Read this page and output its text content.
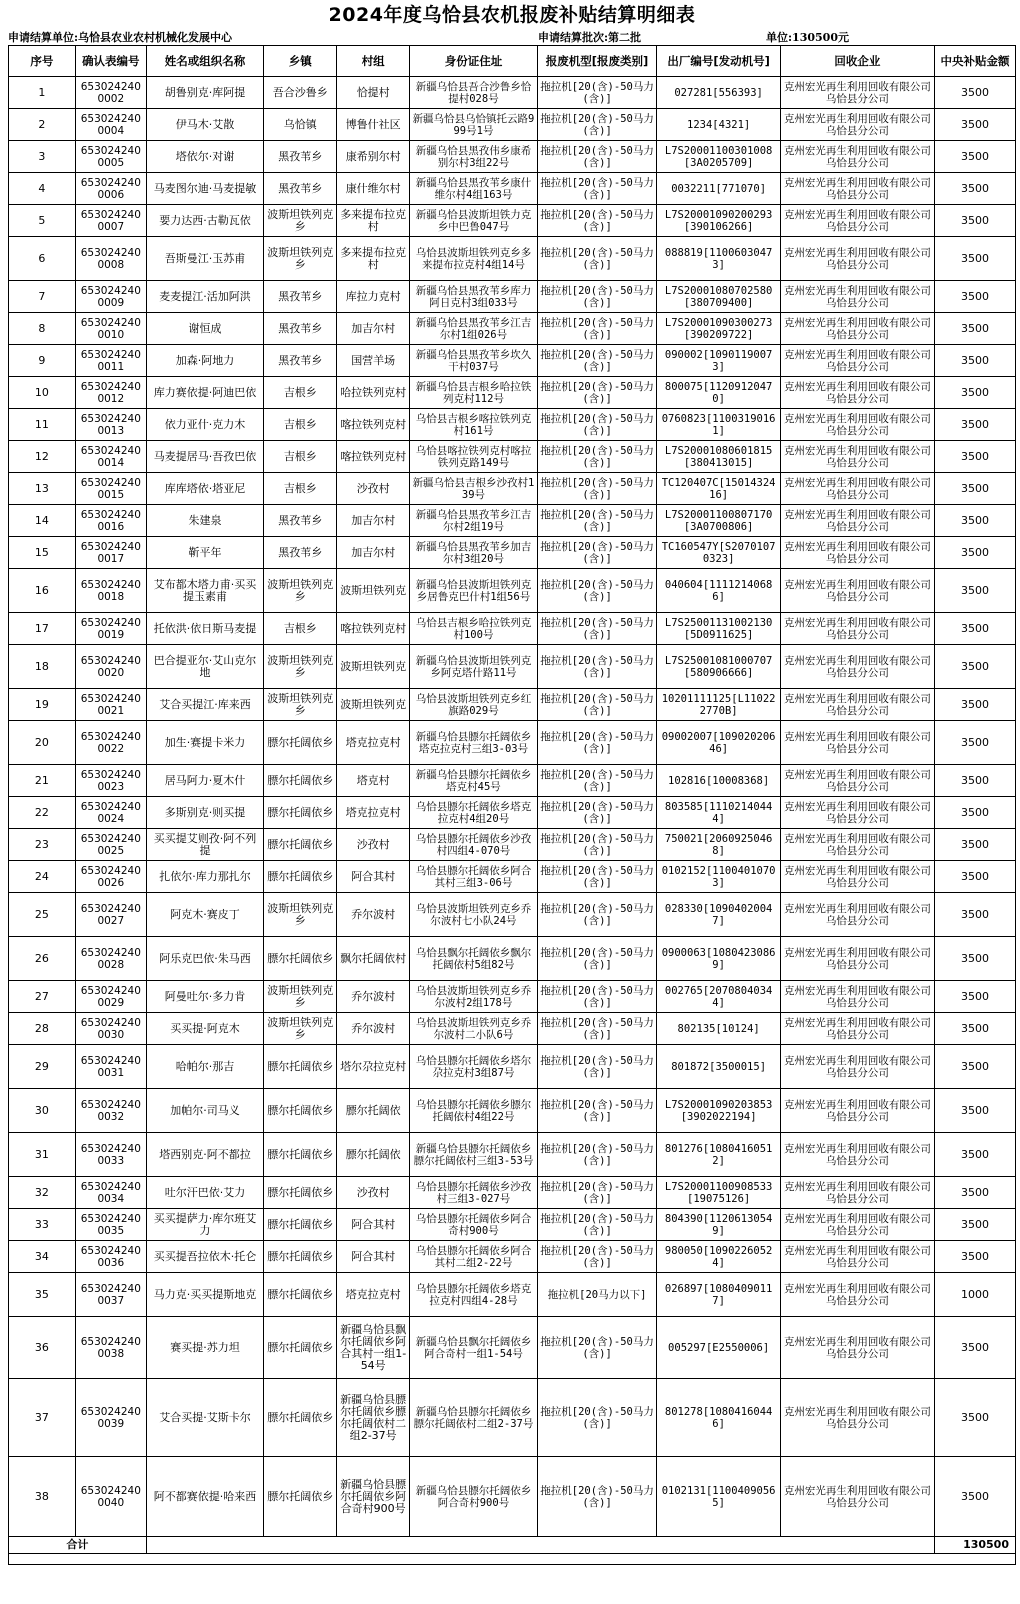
2024年度乌恰县农机报废补贴结算明细表
申请结算单位:乌恰县农业农村机械化发展中心	申请结算批次:第二批	单位:130500元
序号	确认表编号	姓名或组织名称	乡镇	村组	身份证住址	报废机型[报废类别]	出厂编号[发动机号]	回收企业	中央补贴金额
1	6530242400002	胡鲁别克·库阿提	吾合沙鲁乡	恰提村	新疆乌恰县吾合沙鲁乡恰提村028号	拖拉机[20(含)-50马力(含)]	027281[556393]	克州宏光再生利用回收有限公司乌恰县分公司	3500
2	6530242400004	伊马木·艾散	乌恰镇	博鲁什社区	新疆乌恰县乌恰镇托云路999号1号	拖拉机[20(含)-50马力(含)]	1234[4321]	克州宏光再生利用回收有限公司乌恰县分公司	3500
3	6530242400005	塔依尔·对谢	黑孜苇乡	康希别尔村	新疆乌恰县黑孜伟乡康希别尔村3组22号	拖拉机[20(含)-50马力(含)]	L7S20001100301008[3A0205709]	克州宏光再生利用回收有限公司乌恰县分公司	3500
4	6530242400006	马麦图尔迪·马麦提敏	黑孜苇乡	康什维尔村	新疆乌恰县黑孜苇乡康什维尔村4组163号	拖拉机[20(含)-50马力(含)]	0032211[771070]	克州宏光再生利用回收有限公司乌恰县分公司	3500
5	6530242400007	要力达西·古勒瓦依	波斯坦铁列克乡	多来提布拉克村	新疆乌恰县波斯坦铁力克乡中巴鲁047号	拖拉机[20(含)-50马力(含)]	L7S20001090200293[390106266]	克州宏光再生利用回收有限公司乌恰县分公司	3500
6	6530242400008	吾斯曼江·玉苏甫	波斯坦铁列克乡	多来提布拉克村	乌恰县波斯坦铁列克乡多来提布拉克村4组14号	拖拉机[20(含)-50马力(含)]	088819[11006030473]	克州宏光再生利用回收有限公司乌恰县分公司	3500
7	6530242400009	麦麦提江·活加阿洪	黑孜苇乡	库拉力克村	新疆乌恰县黑孜苇乡库力阿日克村3组033号	拖拉机[20(含)-50马力(含)]	L7S20001080702580[380709400]	克州宏光再生利用回收有限公司乌恰县分公司	3500
8	6530242400010	谢恒成	黑孜苇乡	加吉尔村	新疆乌恰县黑孜苇乡江吉尔村1组026号	拖拉机[20(含)-50马力(含)]	L7S20001090300273[390209722]	克州宏光再生利用回收有限公司乌恰县分公司	3500
9	6530242400011	加森·阿地力	黑孜苇乡	国营羊场	新疆乌恰县黑孜苇乡坎久干村037号	拖拉机[20(含)-50马力(含)]	090002[10901190073]	克州宏光再生利用回收有限公司乌恰县分公司	3500
10	6530242400012	库力赛依提·阿迪巴依	吉根乡	哈拉铁列克村	新疆乌恰县吉根乡哈拉铁列克村112号	拖拉机[20(含)-50马力(含)]	800075[11209120470]	克州宏光再生利用回收有限公司乌恰县分公司	3500
11	6530242400013	依力亚什·克力木	吉根乡	喀拉铁列克村	乌恰县吉根乡喀拉铁列克村161号	拖拉机[20(含)-50马力(含)]	0760823[11003190161]	克州宏光再生利用回收有限公司乌恰县分公司	3500
12	6530242400014	马麦提居马·吾孜巴依	吉根乡	喀拉铁列克村	乌恰县喀拉铁列克村喀拉铁列克路149号	拖拉机[20(含)-50马力(含)]	L7S20001080601815[380413015]	克州宏光再生利用回收有限公司乌恰县分公司	3500
13	6530242400015	库库塔依·塔亚尼	吉根乡	沙孜村	新疆乌恰县吉根乡沙孜村139号	拖拉机[20(含)-50马力(含)]	TC120407C[1501432416]	克州宏光再生利用回收有限公司乌恰县分公司	3500
14	6530242400016	朱建泉	黑孜苇乡	加吉尔村	新疆乌恰县黑孜苇乡江吉尔村2组19号	拖拉机[20(含)-50马力(含)]	L7S20001100807170[3A0700806]	克州宏光再生利用回收有限公司乌恰县分公司	3500
15	6530242400017	靳平年	黑孜苇乡	加吉尔村	新疆乌恰县黑孜苇乡加吉尔村3组20号	拖拉机[20(含)-50马力(含)]	TC160547Y[S20701070323]	克州宏光再生利用回收有限公司乌恰县分公司	3500
16	6530242400018	艾布都木塔力甫·买买提玉素甫	波斯坦铁列克乡	波斯坦铁列克	新疆乌恰县波斯坦铁列克乡居鲁克巴什村1组56号	拖拉机[20(含)-50马力(含)]	040604[11112140686]	克州宏光再生利用回收有限公司乌恰县分公司	3500
17	6530242400019	托依洪·依日斯马麦提	吉根乡	喀拉铁列克村	乌恰县吉根乡哈拉铁列克村100号	拖拉机[20(含)-50马力(含)]	L7S25001131002130[5D0911625]	克州宏光再生利用回收有限公司乌恰县分公司	3500
18	6530242400020	巴合提亚尔·艾山克尔地	波斯坦铁列克乡	波斯坦铁列克	新疆乌恰县波斯坦铁列克乡阿克塔什路11号	拖拉机[20(含)-50马力(含)]	L7S25001081000707[580906666]	克州宏光再生利用回收有限公司乌恰县分公司	3500
19	6530242400021	艾合买提江·库来西	波斯坦铁列克乡	波斯坦铁列克	乌恰县波斯坦铁列克乡红旗路029号	拖拉机[20(含)-50马力(含)]	10201111125[L110222770B]	克州宏光再生利用回收有限公司乌恰县分公司	3500
20	6530242400022	加生·赛提卡米力	膘尔托阔依乡	塔克拉克村	新疆乌恰县膘尔托阔依乡塔克拉克村三组3-03号	拖拉机[20(含)-50马力(含)]	09002007[10902020646]	克州宏光再生利用回收有限公司乌恰县分公司	3500
21	6530242400023	居马阿力·夏木什	膘尔托阔依乡	塔克村	新疆乌恰县膘尔托阔依乡塔克村45号	拖拉机[20(含)-50马力(含)]	102816[10008368]	克州宏光再生利用回收有限公司乌恰县分公司	3500
22	6530242400024	多斯别克·则买提	膘尔托阔依乡	塔克拉克村	乌恰县膘尔托阔依乡塔克拉克村4组20号	拖拉机[20(含)-50马力(含)]	803585[11102140444]	克州宏光再生利用回收有限公司乌恰县分公司	3500
23	6530242400025	买买提艾则孜·阿不列提	膘尔托阔依乡	沙孜村	乌恰县膘尔托阔依乡沙孜村四组4-070号	拖拉机[20(含)-50马力(含)]	750021[20609250468]	克州宏光再生利用回收有限公司乌恰县分公司	3500
24	6530242400026	扎依尔·库力那扎尔	膘尔托阔依乡	阿合其村	乌恰县膘尔托阔依乡阿合其村三组3-06号	拖拉机[20(含)-50马力(含)]	0102152[11004010703]	克州宏光再生利用回收有限公司乌恰县分公司	3500
25	6530242400027	阿克木·赛皮丁	波斯坦铁列克乡	乔尔波村	乌恰县波斯坦铁列克乡乔尔波村七小队24号	拖拉机[20(含)-50马力(含)]	028330[10904020047]	克州宏光再生利用回收有限公司乌恰县分公司	3500
26	6530242400028	阿乐克巴依·朱马西	膘尔托阔依乡	飘尔托阔依村	乌恰县飘尔托阔依乡飘尔托阔依村5组82号	拖拉机[20(含)-50马力(含)]	0900063[10804230869]	克州宏光再生利用回收有限公司乌恰县分公司	3500
27	6530242400029	阿曼吐尔·多力肯	波斯坦铁列克乡	乔尔波村	乌恰县波斯坦铁列克乡乔尔波村2组178号	拖拉机[20(含)-50马力(含)]	002765[20708040344]	克州宏光再生利用回收有限公司乌恰县分公司	3500
28	6530242400030	买买提·阿克木	波斯坦铁列克乡	乔尔波村	乌恰县波斯坦铁列克乡乔尔波村二小队6号	拖拉机[20(含)-50马力(含)]	802135[10124]	克州宏光再生利用回收有限公司乌恰县分公司	3500
29	6530242400031	哈帕尔·那吉	膘尔托阔依乡	塔尔尕拉克村	乌恰县膘尔托阔依乡塔尔尕拉克村3组87号	拖拉机[20(含)-50马力(含)]	801872[3500015]	克州宏光再生利用回收有限公司乌恰县分公司	3500
30	6530242400032	加帕尔·司马义	膘尔托阔依乡	膘尔托阔依	乌恰县膘尔托阔依乡膘尔托阔依村4组22号	拖拉机[20(含)-50马力(含)]	L7S20001090203853[3902022194]	克州宏光再生利用回收有限公司乌恰县分公司	3500
31	6530242400033	塔西别克·阿不都拉	膘尔托阔依乡	膘尔托阔依	新疆乌恰县膘尔托阔依乡膘尔托阔依村三组3-53号	拖拉机[20(含)-50马力(含)]	801276[10804160512]	克州宏光再生利用回收有限公司乌恰县分公司	3500
32	6530242400034	吐尔汗巴依·艾力	膘尔托阔依乡	沙孜村	乌恰县膘尔托阔依乡沙孜村三组3-027号	拖拉机[20(含)-50马力(含)]	L7S20001100908533[19075126]	克州宏光再生利用回收有限公司乌恰县分公司	3500
33	6530242400035	买买提萨力·库尔班艾力	膘尔托阔依乡	阿合其村	乌恰县膘尔托阔依乡阿合奇村900号	拖拉机[20(含)-50马力(含)]	804390[11206130549]	克州宏光再生利用回收有限公司乌恰县分公司	3500
34	6530242400036	买买提吾拉依木·托仑	膘尔托阔依乡	阿合其村	乌恰县膘尔托阔依乡阿合其村二组2-22号	拖拉机[20(含)-50马力(含)]	980050[10902260524]	克州宏光再生利用回收有限公司乌恰县分公司	3500
35	6530242400037	马力克·买买提斯地克	膘尔托阔依乡	塔克拉克村	乌恰县膘尔托阔依乡塔克拉克村四组4-28号	拖拉机[20马力以下]	026897[10804090117]	克州宏光再生利用回收有限公司乌恰县分公司	1000
36	6530242400038	赛买提·苏力坦	膘尔托阔依乡	新疆乌恰县飘尔托阔依乡阿合其村一组1-54号	新疆乌恰县飘尔托阔依乡阿合奇村一组1-54号	拖拉机[20(含)-50马力(含)]	005297[E2550006]	克州宏光再生利用回收有限公司乌恰县分公司	3500
37	6530242400039	艾合买提·艾斯卡尔	膘尔托阔依乡	新疆乌恰县膘尔托阔依乡膘尔托阔依村二组2-37号	新疆乌恰县膘尔托阔依乡膘尔托阔依村二组2-37号	拖拉机[20(含)-50马力(含)]	801278[10804160446]	克州宏光再生利用回收有限公司乌恰县分公司	3500
38	6530242400040	阿不都赛依提·哈来西	膘尔托阔依乡	新疆乌恰县膘尔托阔依乡阿合奇村900号	新疆乌恰县膘尔托阔依乡阿合奇村900号	拖拉机[20(含)-50马力(含)]	0102131[11004090565]	克州宏光再生利用回收有限公司乌恰县分公司	3500
合计									130500
